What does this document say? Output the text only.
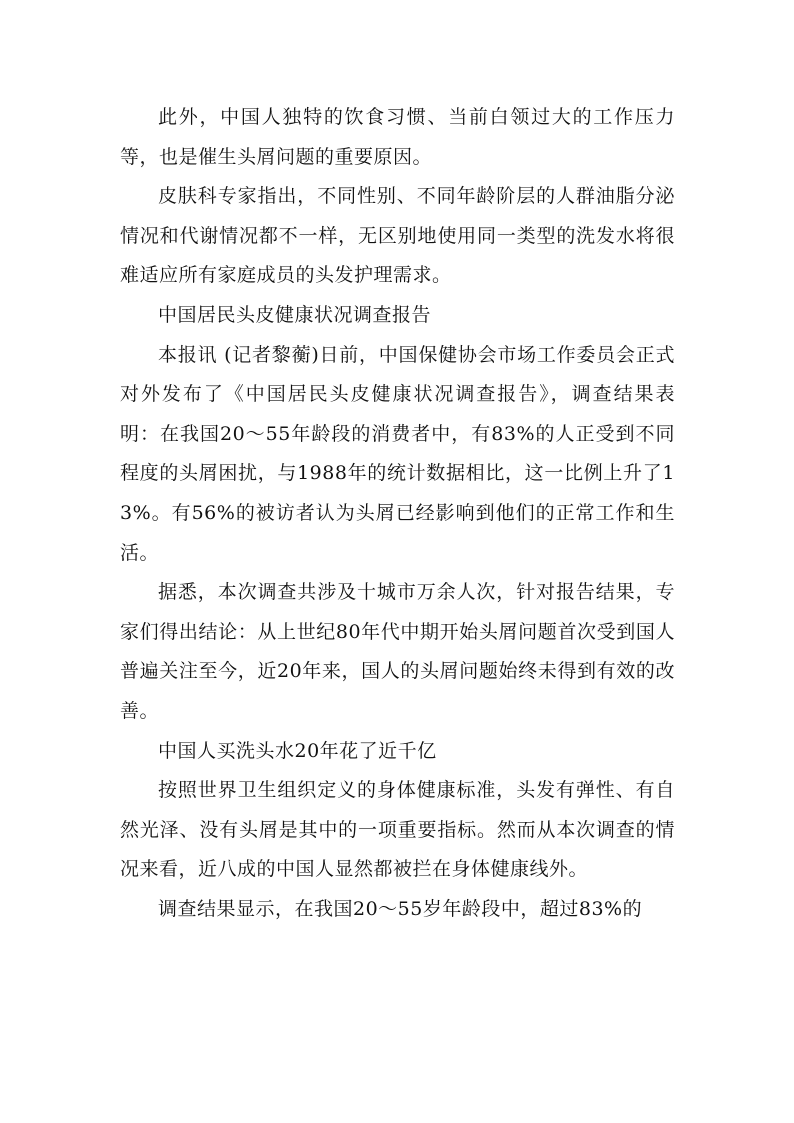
此外，中国人独特的饮食习惯、当前白领过大的工作压力等，也是催生头屑问题的重要原因。

皮肤科专家指出，不同性别、不同年龄阶层的人群油脂分泌情况和代谢情况都不一样，无区别地使用同一类型的洗发水将很难适应所有家庭成员的头发护理需求。

中国居民头皮健康状况调查报告

本报讯 (记者黎蘅)日前，中国保健协会市场工作委员会正式对外发布了《中国居民头皮健康状况调查报告》，调查结果表明：在我国20～55年龄段的消费者中，有83%的人正受到不同程度的头屑困扰，与1988年的统计数据相比，这一比例上升了13%。有56%的被访者认为头屑已经影响到他们的正常工作和生活。

据悉，本次调查共涉及十城市万余人次，针对报告结果，专家们得出结论：从上世纪80年代中期开始头屑问题首次受到国人普遍关注至今，近20年来，国人的头屑问题始终未得到有效的改善。

中国人买洗头水20年花了近千亿

按照世界卫生组织定义的身体健康标准，头发有弹性、有自然光泽、没有头屑是其中的一项重要指标。然而从本次调查的情况来看，近八成的中国人显然都被拦在身体健康线外。

调查结果显示，在我国20～55岁年龄段中，超过83%的
